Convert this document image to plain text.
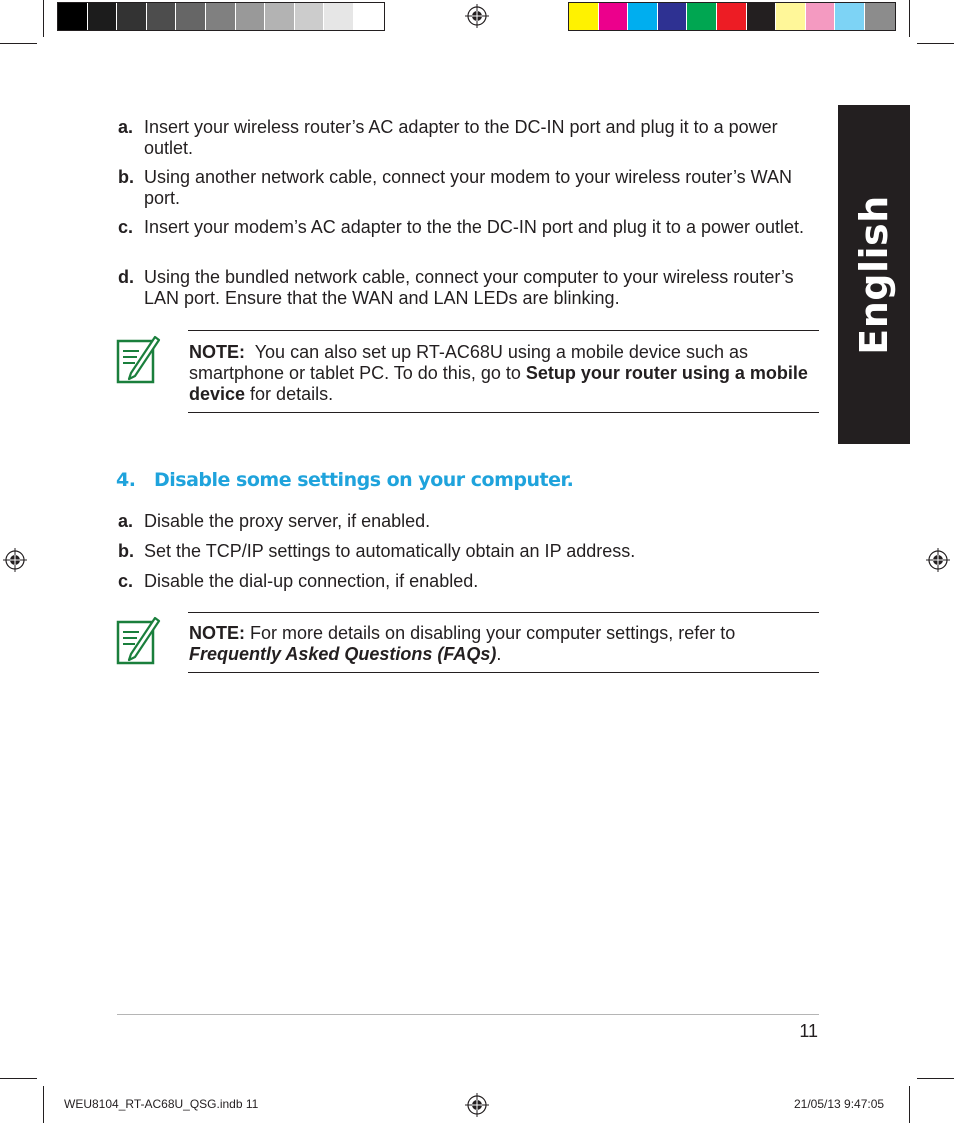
English
a. Insert your wireless router’s AC adapter to the DC-IN port and plug it to a power outlet.
b. Using another network cable, connect your modem to your wireless router’s WAN port.
c. Insert your modem’s AC adapter to the the DC-IN port and plug it to a power outlet.
d. Using the bundled network cable, connect your computer to your wireless router’s LAN port. Ensure that the WAN and LAN LEDs are blinking.
NOTE: You can also set up RT-AC68U using a mobile device such as smartphone or tablet PC. To do this, go to Setup your router using a mobile device for details.
4. Disable some settings on your computer.
a. Disable the proxy server, if enabled.
b. Set the TCP/IP settings to automatically obtain an IP address.
c. Disable the dial-up connection, if enabled.
NOTE: For more details on disabling your computer settings, refer to Frequently Asked Questions (FAQs).
11
WEU8104_RT-AC68U_QSG.indb 11	21/05/13 9:47:05
